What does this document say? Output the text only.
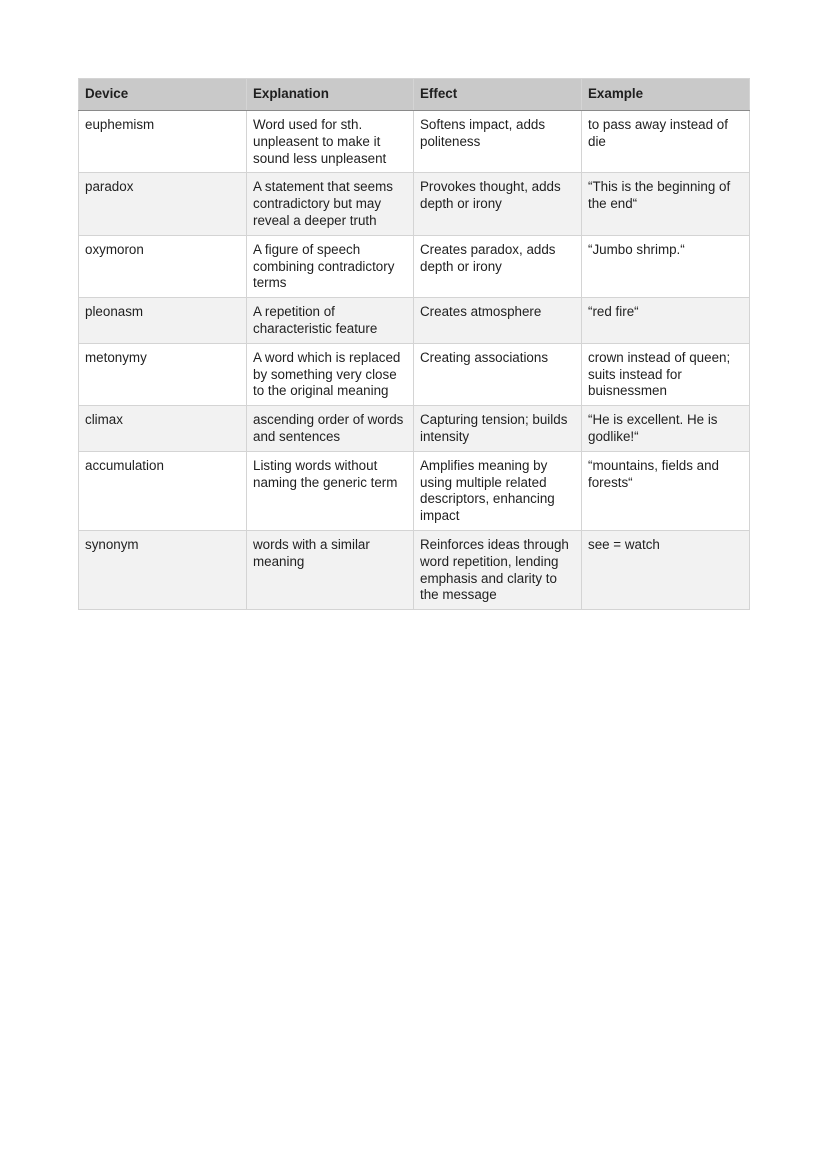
Device	Explanation	Effect	Example
euphemism	Word used for sth. unpleasent to make it sound less unpleasent	Softens impact, adds politeness	to pass away instead of die
paradox	A statement that seems contradictory but may reveal a deeper truth	Provokes thought, adds depth or irony	“This is the beginning of the end“
oxymoron	A figure of speech combining contradictory terms	Creates paradox, adds depth or irony	“Jumbo shrimp.“
pleonasm	A repetition of characteristic feature	Creates atmosphere	“red fire“
metonymy	A word which is replaced by something very close to the original meaning	Creating associations	crown instead of queen; suits instead for buisnessmen
climax	ascending order of words and sentences	Capturing tension; builds intensity	“He is excellent. He is godlike!“
accumulation	Listing words without naming the generic term	Amplifies meaning by using multiple related descriptors, enhancing impact	“mountains, fields and forests“
synonym	words with a similar meaning	Reinforces ideas through word repetition, lending emphasis and clarity to the message	see = watch
